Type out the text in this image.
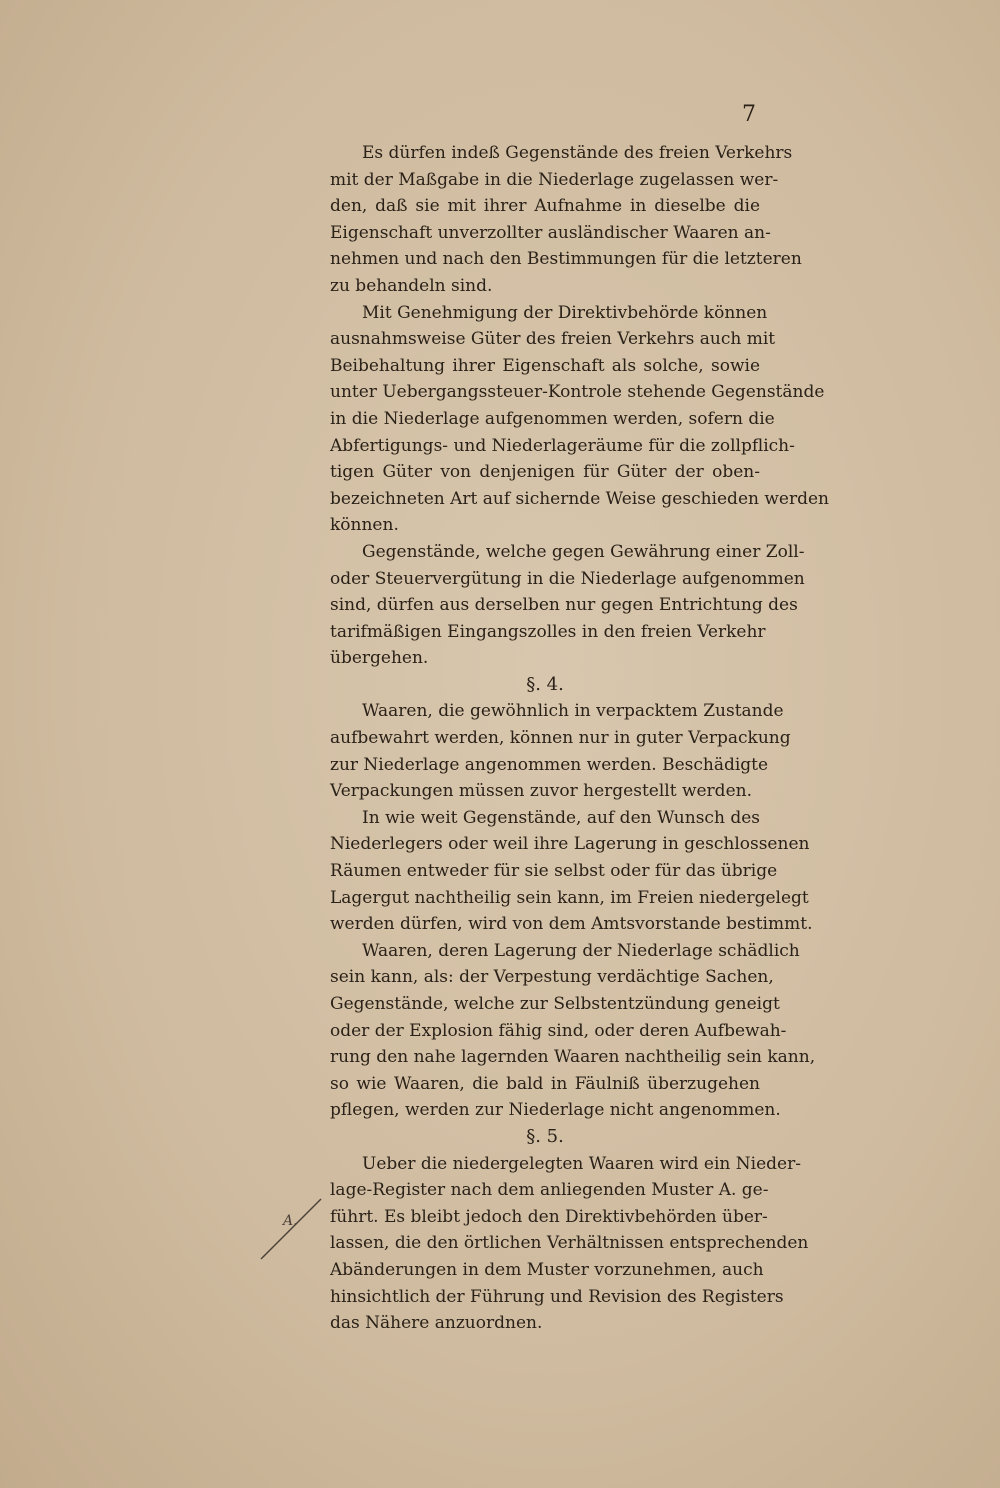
7
Es dürfen indeß Gegenstände des freien Verkehrs
mit der Maßgabe in die Niederlage zugelassen wer-
den, daß sie mit ihrer Aufnahme in dieselbe die
Eigenschaft unverzollter ausländischer Waaren an-
nehmen und nach den Bestimmungen für die letzteren
zu behandeln sind.
Mit Genehmigung der Direktivbehörde können
ausnahmsweise Güter des freien Verkehrs auch mit
Beibehaltung ihrer Eigenschaft als solche, sowie
unter Uebergangssteuer-Kontrole stehende Gegenstände
in die Niederlage aufgenommen werden, sofern die
Abfertigungs- und Niederlageräume für die zollpflich-
tigen Güter von denjenigen für Güter der oben-
bezeichneten Art auf sichernde Weise geschieden werden
können.
Gegenstände, welche gegen Gewährung einer Zoll-
oder Steuervergütung in die Niederlage aufgenommen
sind, dürfen aus derselben nur gegen Entrichtung des
tarifmäßigen Eingangszolles in den freien Verkehr
übergehen.
§. 4.
Waaren, die gewöhnlich in verpacktem Zustande
aufbewahrt werden, können nur in guter Verpackung
zur Niederlage angenommen werden. Beschädigte
Verpackungen müssen zuvor hergestellt werden.
In wie weit Gegenstände, auf den Wunsch des
Niederlegers oder weil ihre Lagerung in geschlossenen
Räumen entweder für sie selbst oder für das übrige
Lagergut nachtheilig sein kann, im Freien niedergelegt
werden dürfen, wird von dem Amtsvorstande bestimmt.
Waaren, deren Lagerung der Niederlage schädlich
sein kann, als: der Verpestung verdächtige Sachen,
Gegenstände, welche zur Selbstentzündung geneigt
oder der Explosion fähig sind, oder deren Aufbewah-
rung den nahe lagernden Waaren nachtheilig sein kann,
so wie Waaren, die bald in Fäulniß überzugehen
pflegen, werden zur Niederlage nicht angenommen.
§. 5.
Ueber die niedergelegten Waaren wird ein Nieder-
lage-Register nach dem anliegenden Muster A. ge-
führt. Es bleibt jedoch den Direktivbehörden über-
lassen, die den örtlichen Verhältnissen entsprechenden
Abänderungen in dem Muster vorzunehmen, auch
hinsichtlich der Führung und Revision des Registers
das Nähere anzuordnen.
A.
